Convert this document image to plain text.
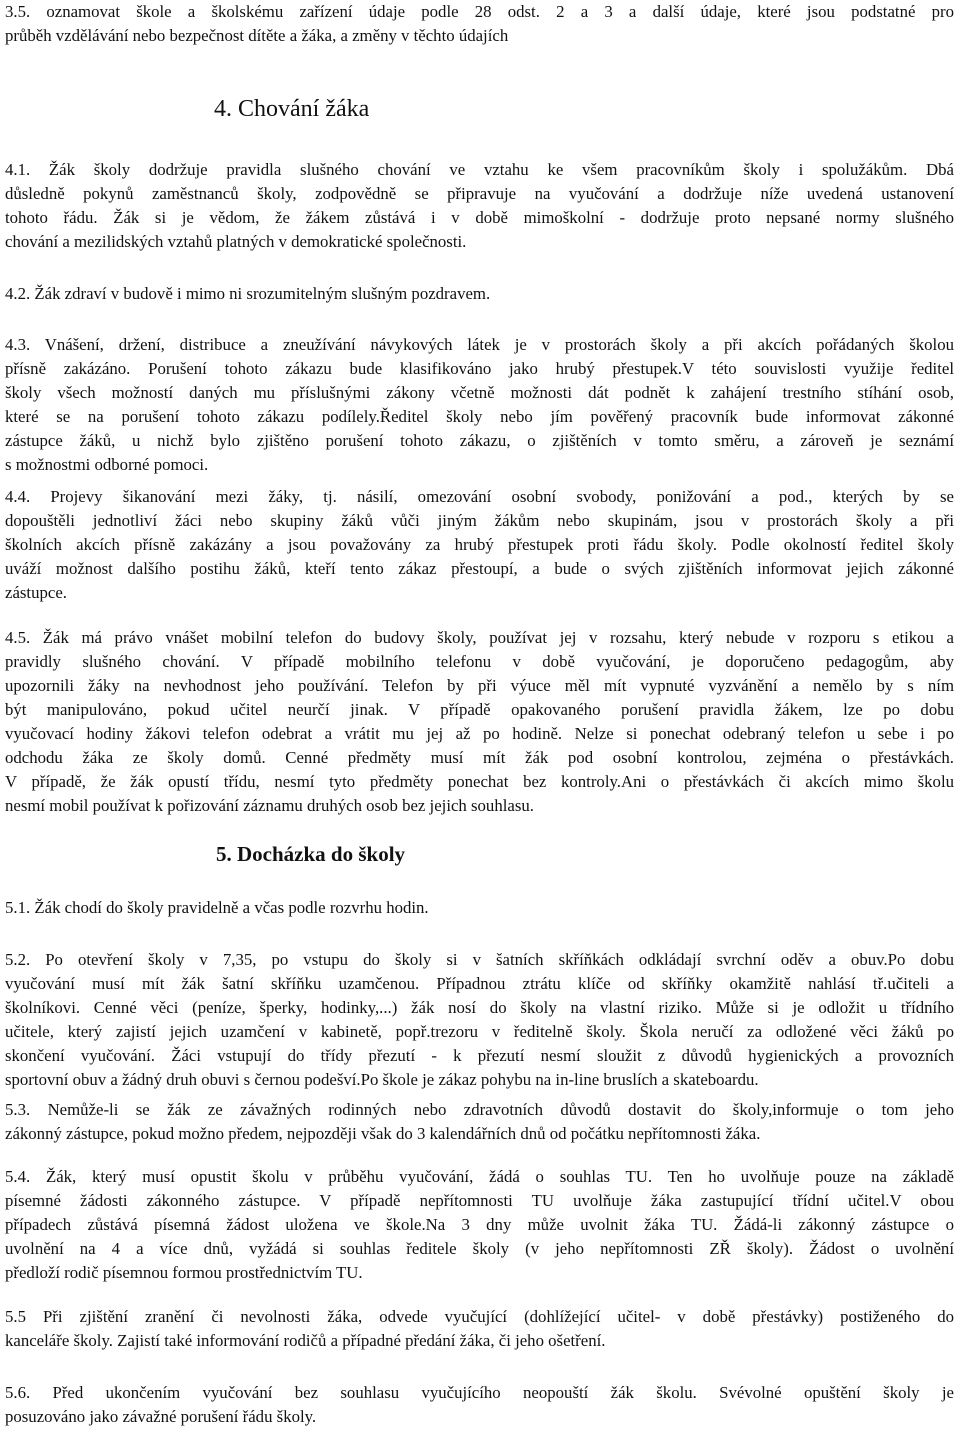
4. Chování žáka
5. Docházka do školy
3.5. oznamovat škole a školskému zařízení údaje podle 28 odst. 2 a 3 a další údaje, které jsou podstatné pro
průběh vzdělávání nebo bezpečnost dítěte a žáka, a změny v těchto údajích
4.1. Žák školy dodržuje pravidla slušného chování ve vztahu ke všem pracovníkům školy i spolužákům. Dbá
důsledně pokynů zaměstnanců školy, zodpovědně se připravuje na vyučování a dodržuje níže uvedená ustanovení
tohoto řádu. Žák si je vědom, že žákem zůstává i v době mimoškolní - dodržuje proto nepsané normy slušného
chování a mezilidských vztahů platných v demokratické společnosti.
4.2. Žák zdraví v budově i mimo ni srozumitelným slušným pozdravem.
4.3. Vnášení, držení, distribuce a zneužívání návykových látek je v prostorách školy a při akcích pořádaných školou
přísně zakázáno. Porušení tohoto zákazu bude klasifikováno jako hrubý přestupek.V této souvislosti využije ředitel
školy všech možností daných mu příslušnými zákony včetně možnosti dát podnět k zahájení trestního stíhání osob,
které se na porušení tohoto zákazu podílely.Ředitel školy nebo jím pověřený pracovník bude informovat zákonné
zástupce žáků, u nichž bylo zjištěno porušení tohoto zákazu, o zjištěních v tomto směru, a zároveň je seznámí
s možnostmi odborné pomoci.
4.4. Projevy šikanování mezi žáky, tj. násilí, omezování osobní svobody, ponižování a pod., kterých by se
dopouštěli jednotliví žáci nebo skupiny žáků vůči jiným žákům nebo skupinám, jsou v prostorách školy a při
školních akcích přísně zakázány a jsou považovány za hrubý přestupek proti řádu školy. Podle okolností ředitel školy
uváží možnost dalšího postihu žáků, kteří tento zákaz přestoupí, a bude o svých zjištěních informovat jejich zákonné
zástupce.
4.5. Žák má právo vnášet mobilní telefon do budovy školy, používat jej v rozsahu, který nebude v rozporu s etikou a
pravidly slušného chování. V případě mobilního telefonu v době vyučování, je doporučeno pedagogům, aby
upozornili žáky na nevhodnost jeho používání. Telefon by při výuce měl mít vypnuté vyzvánění a nemělo by s ním
být manipulováno, pokud učitel neurčí jinak. V případě opakovaného porušení pravidla žákem, lze po dobu
vyučovací hodiny žákovi telefon odebrat a vrátit mu jej až po hodině. Nelze si ponechat odebraný telefon u sebe i po
odchodu žáka ze školy domů. Cenné předměty musí mít žák pod osobní kontrolou, zejména o přestávkách.
V případě, že žák opustí třídu, nesmí tyto předměty ponechat bez kontroly.Ani o přestávkách či akcích mimo školu
nesmí mobil používat k pořizování záznamu druhých osob bez jejich souhlasu.
5.1. Žák chodí do školy pravidelně a včas podle rozvrhu hodin.
5.2. Po otevření školy v 7,35, po vstupu do školy si v šatních skříňkách odkládají svrchní oděv a obuv.Po dobu
vyučování musí mít žák šatní skříňku uzamčenou. Případnou ztrátu klíče od skříňky okamžitě nahlásí tř.učiteli a
školníkovi. Cenné věci (peníze, šperky, hodinky,...) žák nosí do školy na vlastní riziko. Může si je odložit u třídního
učitele, který zajistí jejich uzamčení v kabinetě, popř.trezoru v ředitelně školy. Škola neručí za odložené věci žáků po
skončení vyučování. Žáci vstupují do třídy přezutí - k přezutí nesmí sloužit z důvodů hygienických a provozních
sportovní obuv a žádný druh obuvi s černou podešví.Po škole je zákaz pohybu na in-line bruslích a skateboardu.
5.3. Nemůže-li se žák ze závažných rodinných nebo zdravotních důvodů dostavit do školy,informuje o tom jeho
zákonný zástupce, pokud možno předem, nejpozději však do 3 kalendářních dnů od počátku nepřítomnosti žáka.
5.4. Žák, který musí opustit školu v průběhu vyučování, žádá o souhlas TU. Ten ho uvolňuje pouze na základě
písemné žádosti zákonného zástupce. V případě nepřítomnosti TU uvolňuje žáka zastupující třídní učitel.V obou
případech zůstává písemná žádost uložena ve škole.Na 3 dny může uvolnit žáka TU. Žádá-li zákonný zástupce o
uvolnění na 4 a více dnů, vyžádá si souhlas ředitele školy (v jeho nepřítomnosti ZŘ školy). Žádost o uvolnění
předloží rodič písemnou formou prostřednictvím TU.
5.5 Při zjištění zranění či nevolnosti žáka, odvede vyučující (dohlížející učitel- v době přestávky) postiženého do
kanceláře školy. Zajistí také informování rodičů a případné předání žáka, či jeho ošetření.
5.6. Před ukončením vyučování bez souhlasu vyučujícího neopouští žák školu. Svévolné opuštění školy je
posuzováno jako závažné porušení řádu školy.
